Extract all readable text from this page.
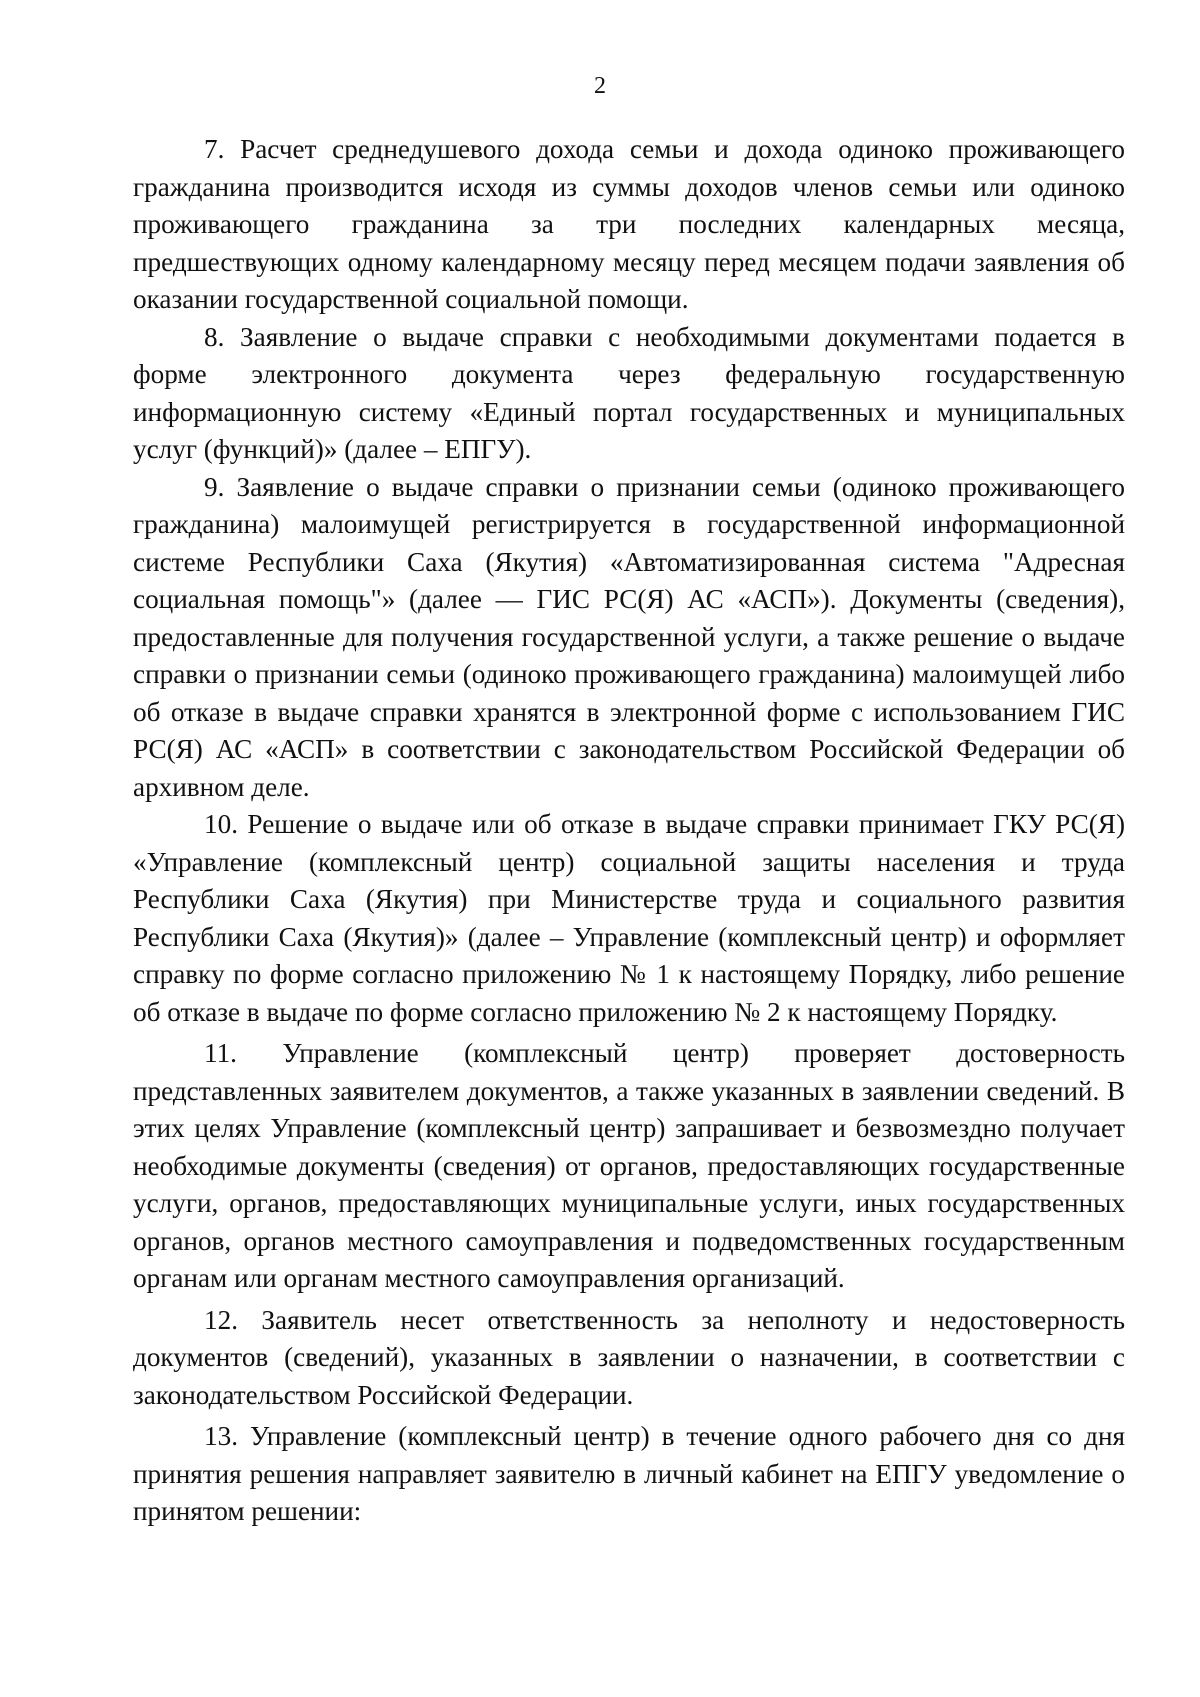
2

7. Расчет среднедушевого дохода семьи и дохода одиноко проживающего гражданина производится исходя из суммы доходов членов семьи или одиноко проживающего гражданина за три последних календарных месяца, предшествующих одному календарному месяцу перед месяцем подачи заявления об оказании государственной социальной помощи.

8. Заявление о выдаче справки с необходимыми документами подается в форме электронного документа через федеральную государственную информационную систему «Единый портал государственных и муниципальных услуг (функций)» (далее – ЕПГУ).

9. Заявление о выдаче справки о признании семьи (одиноко проживающего гражданина) малоимущей регистрируется в государственной информационной системе Республики Саха (Якутия) «Автоматизированная система "Адресная социальная помощь"» (далее — ГИС РС(Я) АС «АСП»). Документы (сведения), предоставленные для получения государственной услуги, а также решение о выдаче справки о признании семьи (одиноко проживающего гражданина) малоимущей либо об отказе в выдаче справки хранятся в электронной форме с использованием ГИС РС(Я) АС «АСП» в соответствии с законодательством Российской Федерации об архивном деле.

10. Решение о выдаче или об отказе в выдаче справки принимает ГКУ РС(Я) «Управление (комплексный центр) социальной защиты населения и труда Республики Саха (Якутия) при Министерстве труда и социального развития Республики Саха (Якутия)» (далее – Управление (комплексный центр) и оформляет справку по форме согласно приложению № 1 к настоящему Порядку, либо решение об отказе в выдаче по форме согласно приложению № 2 к настоящему Порядку.

11. Управление (комплексный центр) проверяет достоверность представленных заявителем документов, а также указанных в заявлении сведений. В этих целях Управление (комплексный центр) запрашивает и безвозмездно получает необходимые документы (сведения) от органов, предоставляющих государственные услуги, органов, предоставляющих муниципальные услуги, иных государственных органов, органов местного самоуправления и подведомственных государственным органам или органам местного самоуправления организаций.

12. Заявитель несет ответственность за неполноту и недостоверность документов (сведений), указанных в заявлении о назначении, в соответствии с законодательством Российской Федерации.

13. Управление (комплексный центр) в течение одного рабочего дня со дня принятия решения направляет заявителю в личный кабинет на ЕПГУ уведомление о принятом решении:
